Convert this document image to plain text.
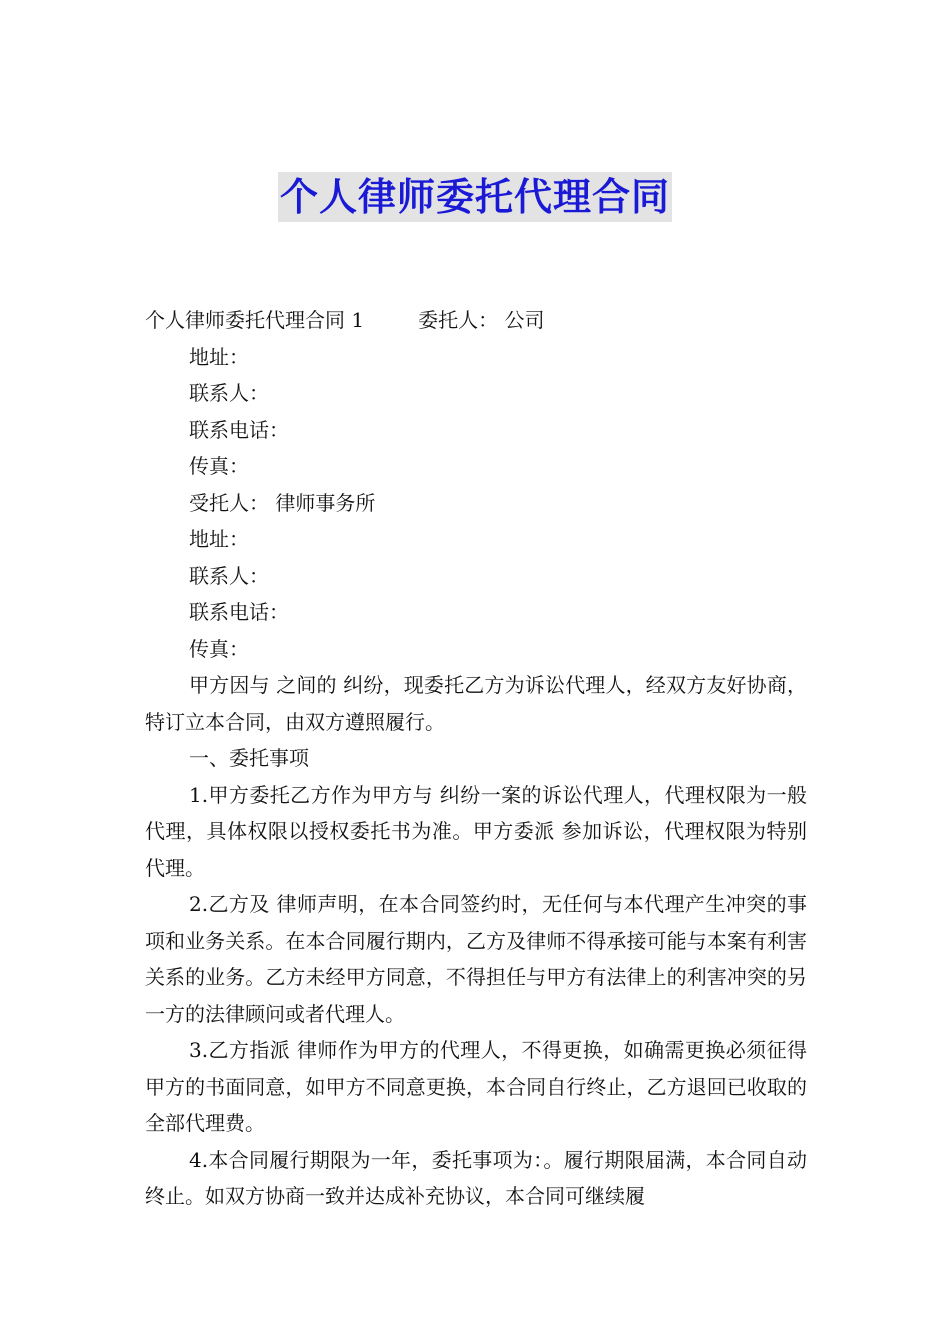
个人律师委托代理合同
个人律师委托代理合同 1	委托人： 公司
地址：
联系人：
联系电话：
传真：
受托人： 律师事务所
地址：
联系人：
联系电话：
传真：

甲方因与 之间的 纠纷，现委托乙方为诉讼代理人，经双方友好协商，特订立本合同，由双方遵照履行。

一、委托事项

1.甲方委托乙方作为甲方与 纠纷一案的诉讼代理人，代理权限为一般代理，具体权限以授权委托书为准。甲方委派 参加诉讼，代理权限为特别代理。

2.乙方及 律师声明，在本合同签约时，无任何与本代理产生冲突的事项和业务关系。在本合同履行期内，乙方及律师不得承接可能与本案有利害关系的业务。乙方未经甲方同意，不得担任与甲方有法律上的利害冲突的另一方的法律顾问或者代理人。

3.乙方指派 律师作为甲方的代理人，不得更换，如确需更换必须征得甲方的书面同意，如甲方不同意更换，本合同自行终止，乙方退回已收取的全部代理费。

4.本合同履行期限为一年，委托事项为：。履行期限届满，本合同自动终止。如双方协商一致并达成补充协议，本合同可继续履
